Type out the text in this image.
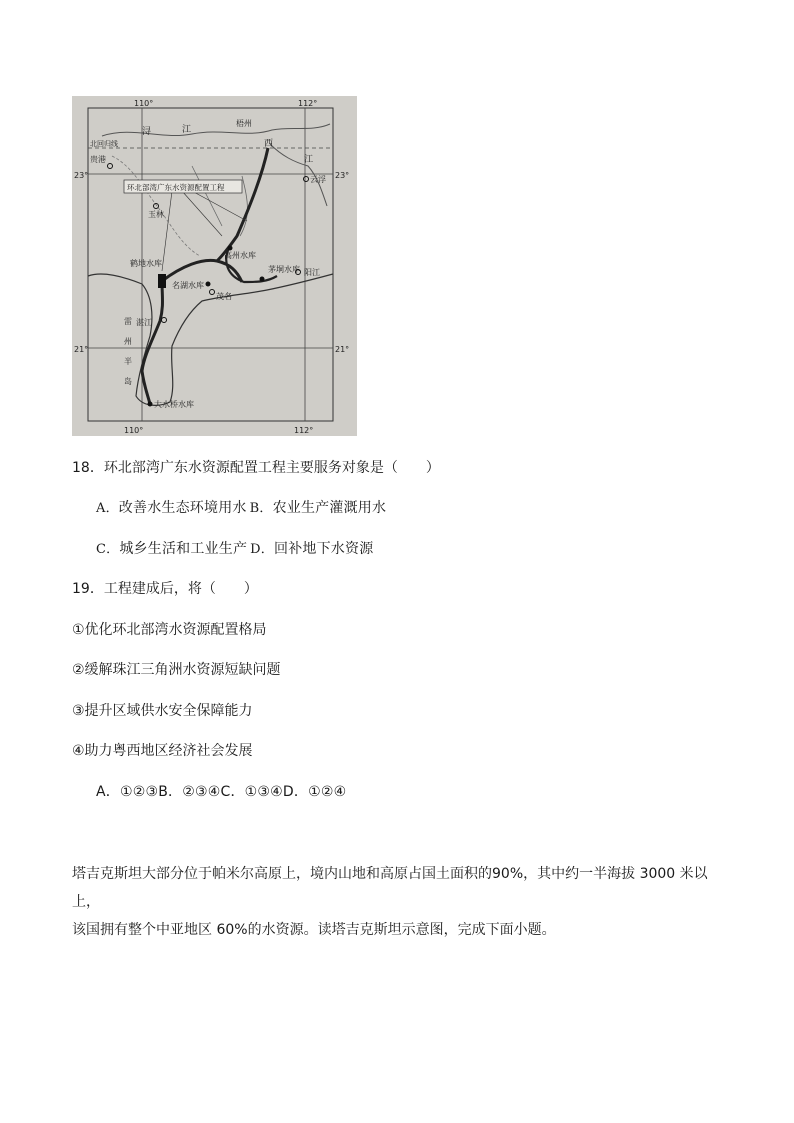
110°	112°
110°	112°
23°	23°
21°	21°
北回归线
梧州
贵港
云浮
玉林
阳江
茂名
湛江
浔	江
西
江
雷
州
半
岛
鹤地水库
高州水库
名湖水库
茅垌水库
大水桥水库
环北部湾广东水资源配置工程
18．环北部湾广东水资源配置工程主要服务对象是（　　）
A．改善水生态环境用水 B．农业生产灌溉用水
C．城乡生活和工业生产 D．回补地下水资源
19．工程建成后，将（　　）
①优化环北部湾水资源配置格局
②缓解珠江三角洲水资源短缺问题
③提升区域供水安全保障能力
④助力粤西地区经济社会发展
A．①②③B．②③④C．①③④D．①②④
塔吉克斯坦大部分位于帕米尔高原上，境内山地和高原占国土面积的90%，其中约一半海拔 3000 米以上，
该国拥有整个中亚地区 60%的水资源。读塔吉克斯坦示意图，完成下面小题。
